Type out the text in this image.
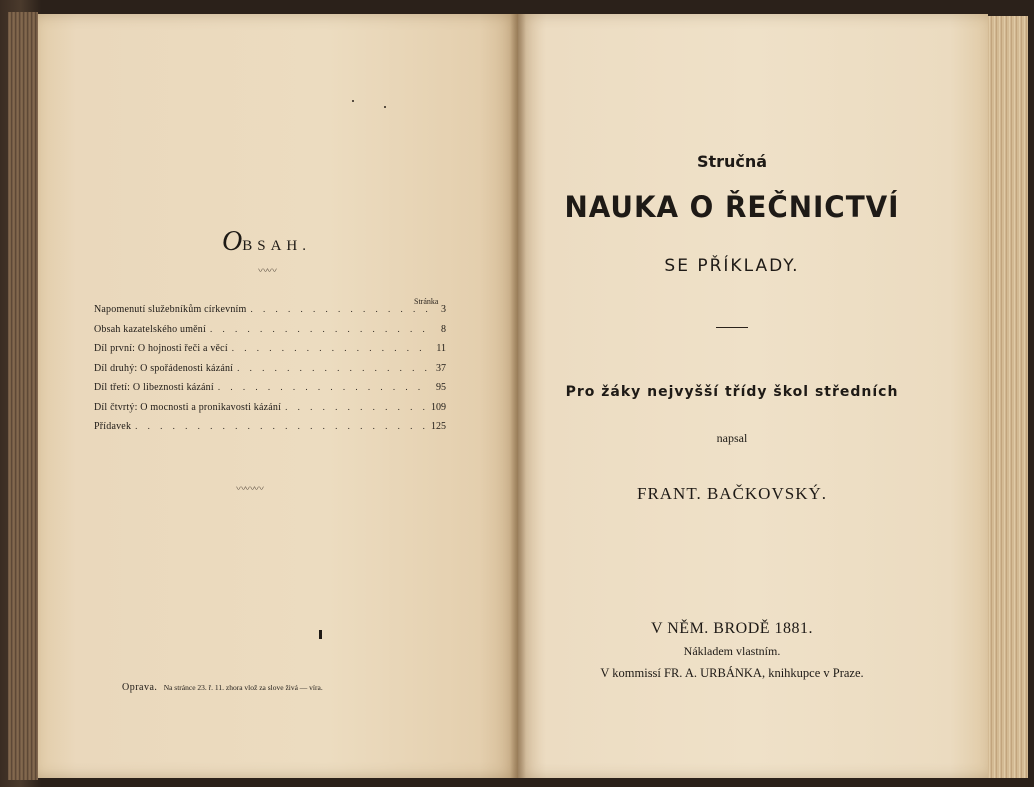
OBSAH.
〰〰
Stránka
Napomenutí služebníkům církevním . . .	3
Obsah kazatelského umění . . .	8
Díl první: O hojnosti řeči a věcí . . .	11
Díl druhý: O spořádenosti kázání . . .	37
Díl třetí: O libeznosti kázání . . .	95
Díl čtvrtý: O mocnosti a pronikavosti kázání . . .	109
Přídavek . . .	125
〰〰〰
Oprava. Na stránce 23. ř. 11. zhora vlož za slove živá — víra.
Stručná
NAUKA O ŘEČNICTVÍ
SE PŘÍKLADY.
Pro žáky nejvyšší třídy škol středních
napsal
FRANT. BAČKOVSKÝ.
V NĚM. BRODĚ 1881.
Nákladem vlastním.
V kommissí FR. A. URBÁNKA, knihkupce v Praze.
